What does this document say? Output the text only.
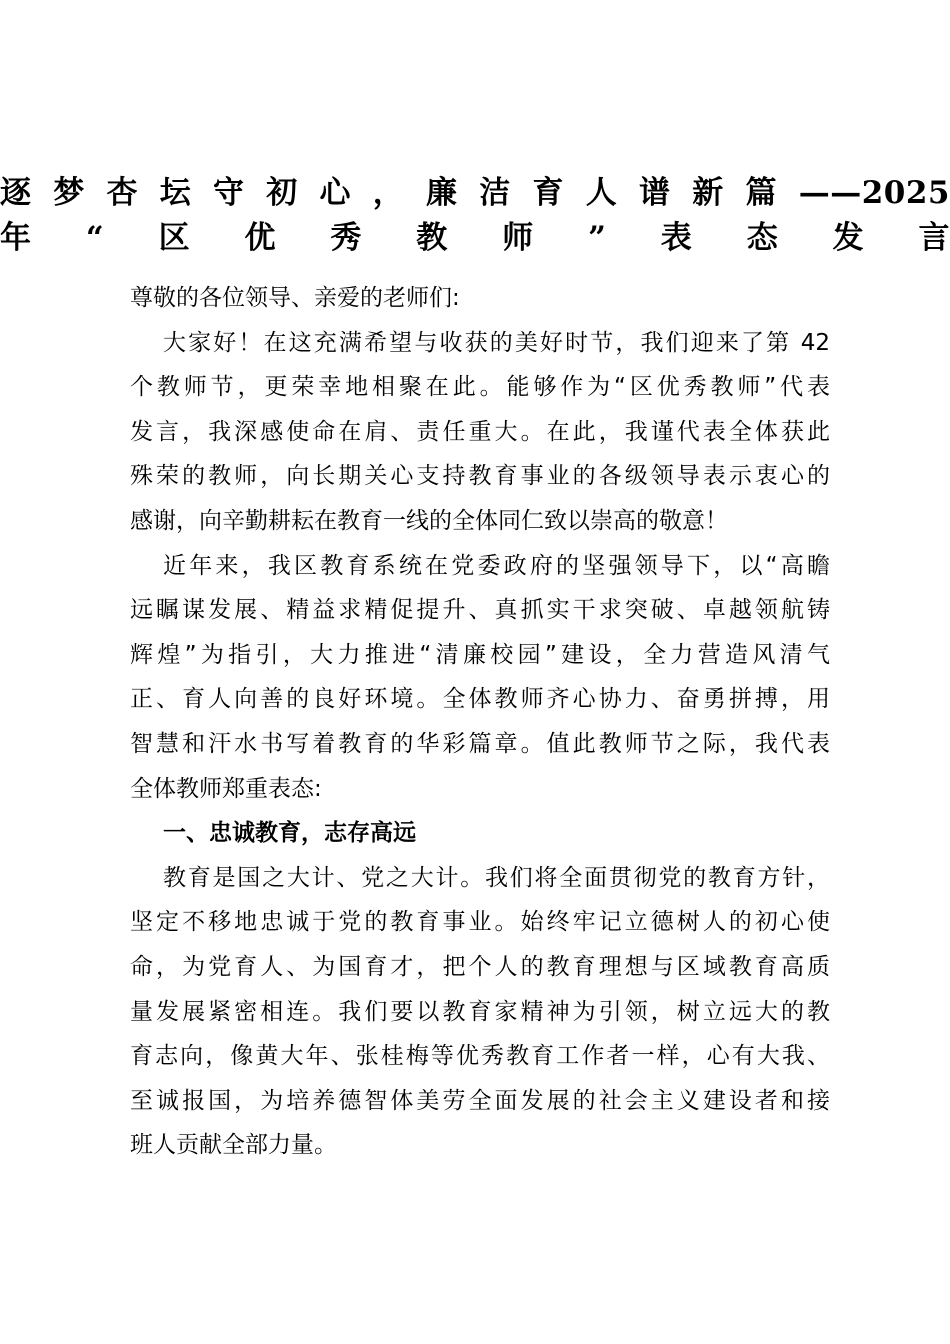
逐梦杏坛守初心，廉洁育人谱新篇——2025
年“区优秀教师”表态发言
尊敬的各位领导、亲爱的老师们:
大家好！在这充满希望与收获的美好时节，我们迎来了第 42
个教师节，更荣幸地相聚在此。能够作为“区优秀教师”代表
发言，我深感使命在肩、责任重大。在此，我谨代表全体获此
殊荣的教师，向长期关心支持教育事业的各级领导表示衷心的
感谢，向辛勤耕耘在教育一线的全体同仁致以崇高的敬意！
近年来，我区教育系统在党委政府的坚强领导下，以“高瞻
远瞩谋发展、精益求精促提升、真抓实干求突破、卓越领航铸
辉煌”为指引，大力推进“清廉校园”建设，全力营造风清气
正、育人向善的良好环境。全体教师齐心协力、奋勇拼搏，用
智慧和汗水书写着教育的华彩篇章。值此教师节之际，我代表
全体教师郑重表态:
一、忠诚教育，志存高远
教育是国之大计、党之大计。我们将全面贯彻党的教育方针，
坚定不移地忠诚于党的教育事业。始终牢记立德树人的初心使
命，为党育人、为国育才，把个人的教育理想与区域教育高质
量发展紧密相连。我们要以教育家精神为引领，树立远大的教
育志向，像黄大年、张桂梅等优秀教育工作者一样，心有大我、
至诚报国，为培养德智体美劳全面发展的社会主义建设者和接
班人贡献全部力量。
